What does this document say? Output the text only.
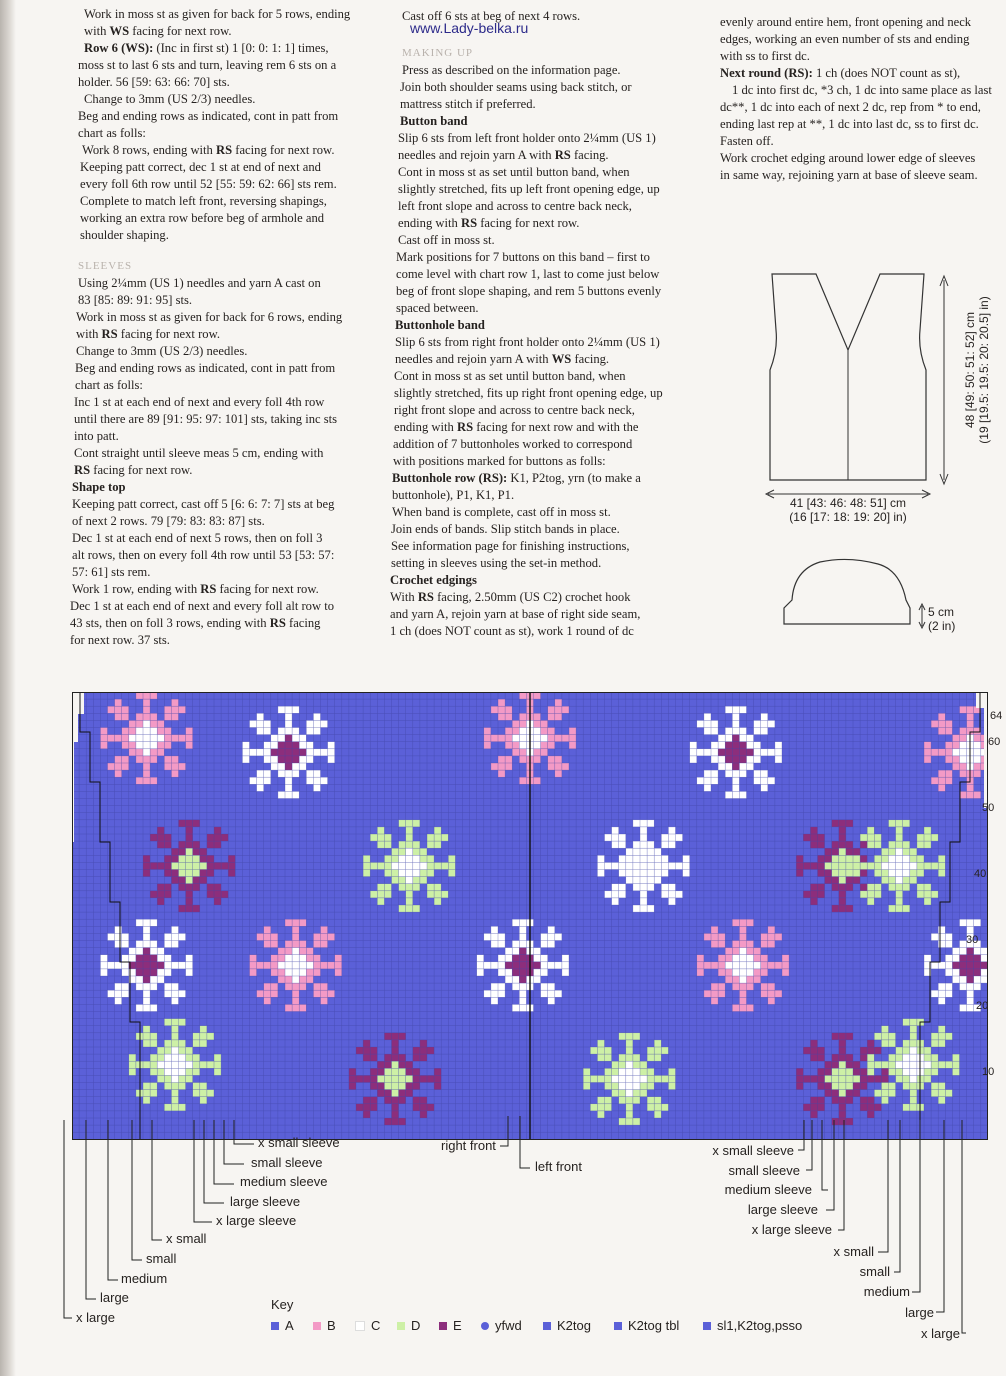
Work in moss st as given for back for 5 rows, ending

with WS facing for next row.

Row 6 (WS): (Inc in first st) 1 [0: 0: 1: 1] times,

moss st to last 6 sts and turn, leaving rem 6 sts on a

holder. 56 [59: 63: 66: 70] sts.

Change to 3mm (US 2/3) needles.

Beg and ending rows as indicated, cont in patt from

chart as folls:

Work 8 rows, ending with RS facing for next row.

Keeping patt correct, dec 1 st at end of next and

every foll 6th row until 52 [55: 59: 62: 66] sts rem.

Complete to match left front, reversing shapings,

working an extra row before beg of armhole and

shoulder shaping.

SLEEVES

Using 2¼mm (US 1) needles and yarn A cast on

83 [85: 89: 91: 95] sts.

Work in moss st as given for back for 6 rows, ending

with RS facing for next row.

Change to 3mm (US 2/3) needles.

Beg and ending rows as indicated, cont in patt from

chart as folls:

Inc 1 st at each end of next and every foll 4th row

until there are 89 [91: 95: 97: 101] sts, taking inc sts

into patt.

Cont straight until sleeve meas 5 cm, ending with

RS facing for next row.

Shape top

Keeping patt correct, cast off 5 [6: 6: 7: 7] sts at beg

of next 2 rows. 79 [79: 83: 83: 87] sts.

Dec 1 st at each end of next 5 rows, then on foll 3

alt rows, then on every foll 4th row until 53 [53: 57:

57: 61] sts rem.

Work 1 row, ending with RS facing for next row.

Dec 1 st at each end of next and every foll alt row to

43 sts, then on foll 3 rows, ending with RS facing

for next row. 37 sts.

Cast off 6 sts at beg of next 4 rows.

www.Lady-belka.ru

MAKING UP

Press as described on the information page.

Join both shoulder seams using back stitch, or

mattress stitch if preferred.

Button band

Slip 6 sts from left front holder onto 2¼mm (US 1)

needles and rejoin yarn A with RS facing.

Cont in moss st as set until button band, when

slightly stretched, fits up left front opening edge, up

left front slope and across to centre back neck,

ending with RS facing for next row.

Cast off in moss st.

Mark positions for 7 buttons on this band – first to

come level with chart row 1, last to come just below

beg of front slope shaping, and rem 5 buttons evenly

spaced between.

Buttonhole band

Slip 6 sts from right front holder onto 2¼mm (US 1)

needles and rejoin yarn A with WS facing.

Cont in moss st as set until button band, when

slightly stretched, fits up right front opening edge, up

right front slope and across to centre back neck,

ending with RS facing for next row and with the

addition of 7 buttonholes worked to correspond

with positions marked for buttons as folls:

Buttonhole row (RS): K1, P2tog, yrn (to make a

buttonhole), P1, K1, P1.

When band is complete, cast off in moss st.

Join ends of bands. Slip stitch bands in place.

See information page for finishing instructions,

setting in sleeves using the set-in method.

Crochet edgings

With RS facing, 2.50mm (US C2) crochet hook

and yarn A, rejoin yarn at base of right side seam,

1 ch (does NOT count as st), work 1 round of dc

evenly around entire hem, front opening and neck

edges, working an even number of sts and ending

with ss to first dc.

Next round (RS): 1 ch (does NOT count as st),

1 dc into first dc, *3 ch, 1 dc into same place as last

dc**, 1 dc into each of next 2 dc, rep from * to end,

ending last rep at **, 1 dc into last dc, ss to first dc.

Fasten off.

Work crochet edging around lower edge of sleeves

in same way, rejoining yarn at base of sleeve seam.

48 [49: 50: 51: 52] cm (19 [19.5: 19.5: 20: 20.5] in)
41 [43: 46: 48: 51] cm
(16 [17: 18: 19: 20] in)
5 cm
(2 in)
64
60
50
40
30
20
10
x small sleeve
small sleeve
medium sleeve
large sleeve
x large sleeve
x small
small
medium
large
x large
right front
left front
x small sleeve
small sleeve
medium sleeve
large sleeve
x large sleeve
x small
small
medium
large
x large
Key
A	B	C D	E	yfwd	K2tog	K2tog tbl	sl1,K2tog,psso
